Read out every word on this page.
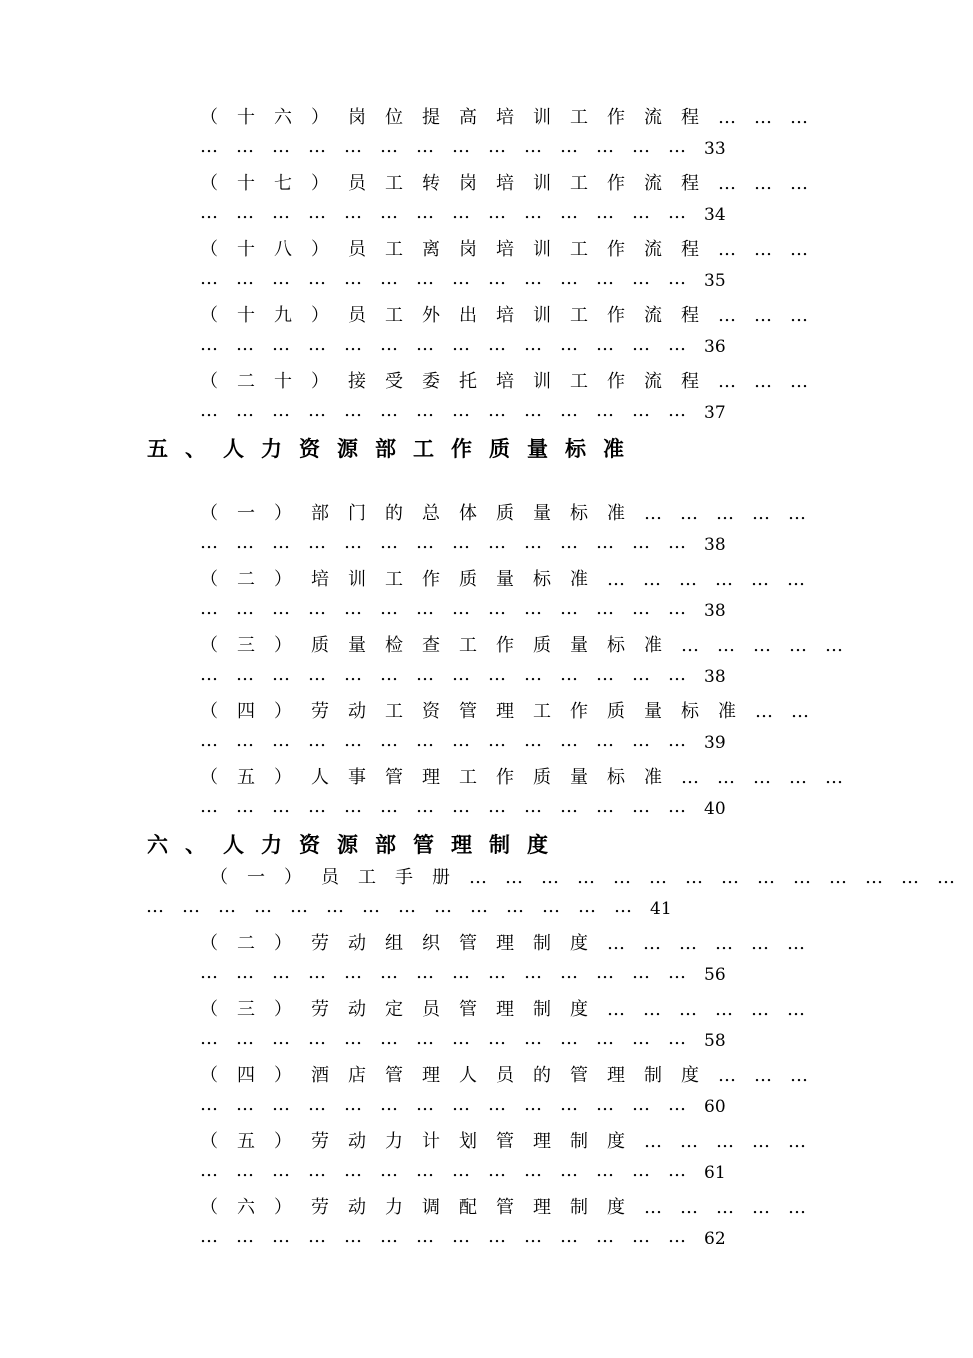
（十六）岗位提高培训工作流程………
……………………………………33
（十七）员工转岗培训工作流程………
……………………………………34
（十八）员工离岗培训工作流程………
……………………………………35
（十九）员工外出培训工作流程………
……………………………………36
（二十）接受委托培训工作流程………
……………………………………37
五、人力资源部工作质量标准
（一）部门的总体质量标准……………
……………………………………38
（二）培训工作质量标准………………
……………………………………38
（三）质量检查工作质量标准……………
……………………………………38
（四）劳动工资管理工作质量标准……
……………………………………39
（五）人事管理工作质量标准……………
……………………………………40
六、人力资源部管理制度
（一）员工手册……………………………………
……………………………………41
（二）劳动组织管理制度………………
……………………………………56
（三）劳动定员管理制度………………
……………………………………58
（四）酒店管理人员的管理制度………
……………………………………60
（五）劳动力计划管理制度……………
……………………………………61
（六）劳动力调配管理制度……………
……………………………………62
